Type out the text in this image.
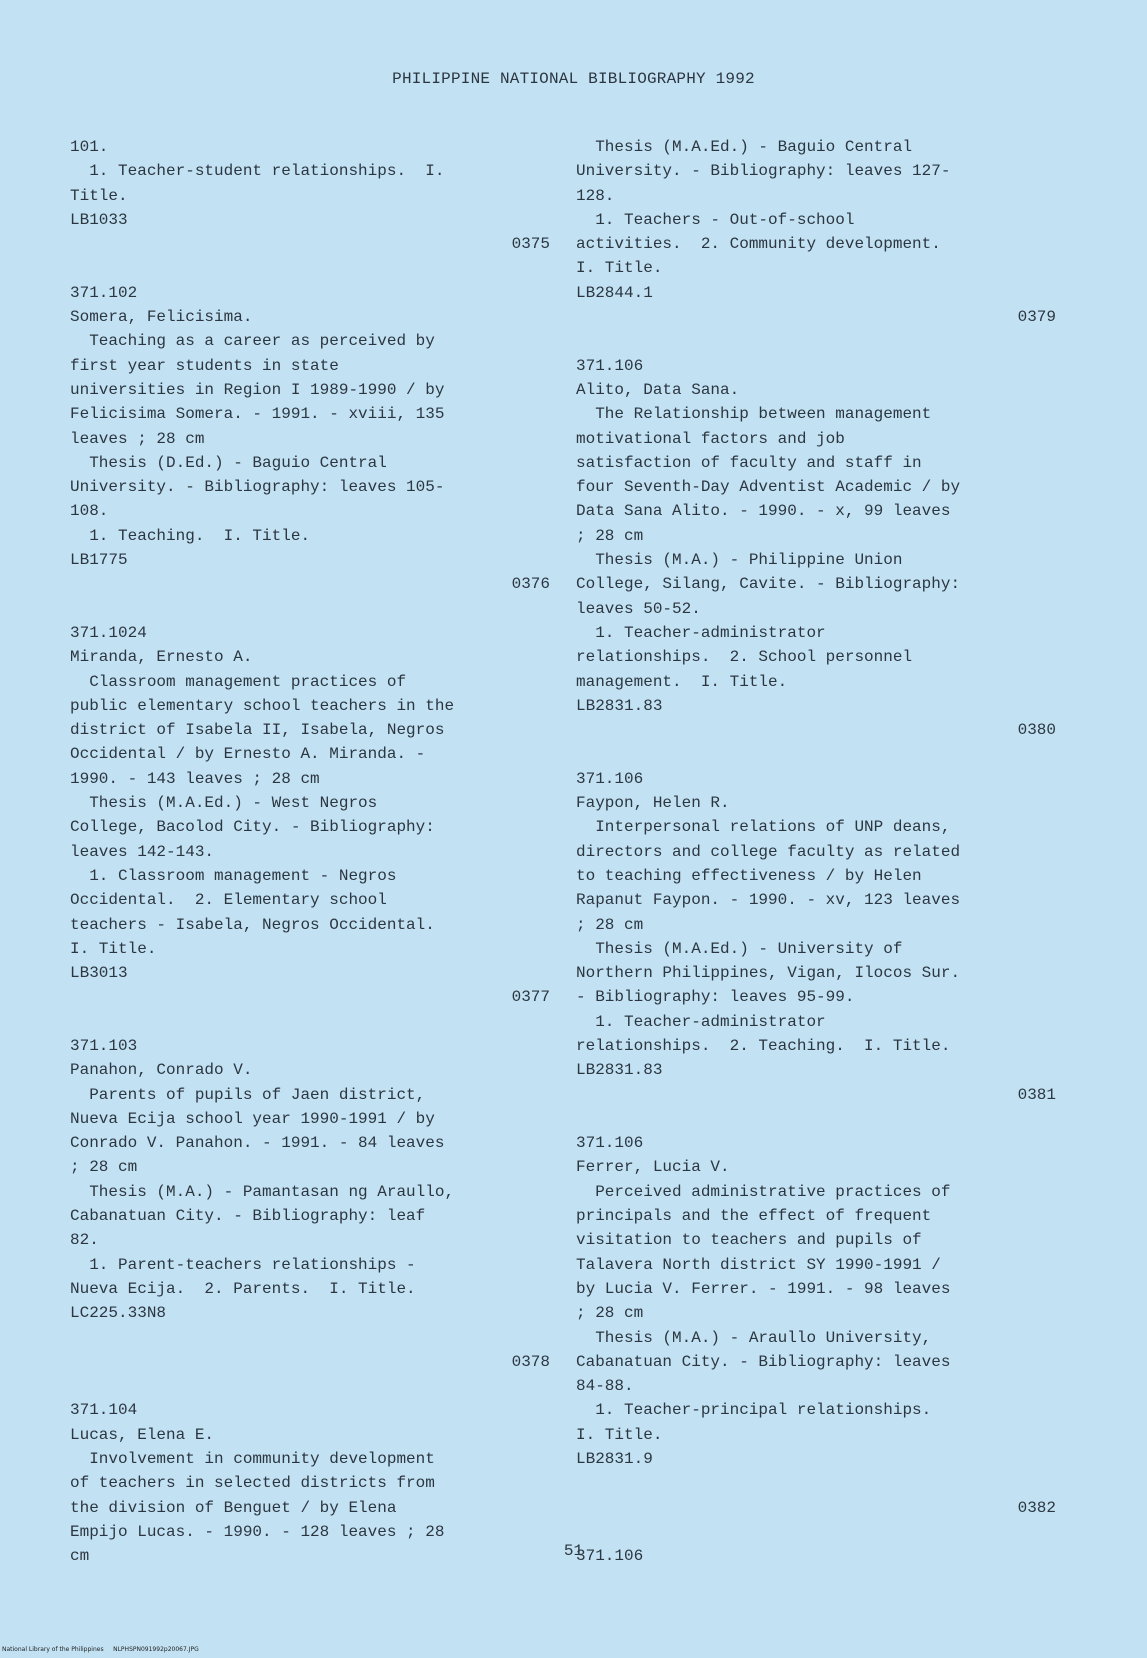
PHILIPPINE NATIONAL BIBLIOGRAPHY 1992
101.
1. Teacher-student relationships.  I.
Title.
LB1033
0375

371.102
Somera, Felicisima.
Teaching as a career as perceived by
first year students in state
universities in Region I 1989-1990 / by
Felicisima Somera. - 1991. - xviii, 135
leaves ; 28 cm
Thesis (D.Ed.) - Baguio Central
University. - Bibliography: leaves 105-
108.
1. Teaching.  I. Title.
LB1775
0376

371.1024
Miranda, Ernesto A.
Classroom management practices of
public elementary school teachers in the
district of Isabela II, Isabela, Negros
Occidental / by Ernesto A. Miranda. -
1990. - 143 leaves ; 28 cm
Thesis (M.A.Ed.) - West Negros
College, Bacolod City. - Bibliography:
leaves 142-143.
1. Classroom management - Negros
Occidental.  2. Elementary school
teachers - Isabela, Negros Occidental.
I. Title.
LB3013
0377

371.103
Panahon, Conrado V.
Parents of pupils of Jaen district,
Nueva Ecija school year 1990-1991 / by
Conrado V. Panahon. - 1991. - 84 leaves
; 28 cm
Thesis (M.A.) - Pamantasan ng Araullo,
Cabanatuan City. - Bibliography: leaf
82.
1. Parent-teachers relationships -
Nueva Ecija.  2. Parents.  I. Title.
LC225.33N8

0378

371.104
Lucas, Elena E.
Involvement in community development
of teachers in selected districts from
the division of Benguet / by Elena
Empijo Lucas. - 1990. - 128 leaves ; 28
cm
Thesis (M.A.Ed.) - Baguio Central
University. - Bibliography: leaves 127-
128.
1. Teachers - Out-of-school
activities.  2. Community development.
I. Title.
LB2844.1
0379

371.106
Alito, Data Sana.
The Relationship between management
motivational factors and job
satisfaction of faculty and staff in
four Seventh-Day Adventist Academic / by
Data Sana Alito. - 1990. - x, 99 leaves
; 28 cm
Thesis (M.A.) - Philippine Union
College, Silang, Cavite. - Bibliography:
leaves 50-52.
1. Teacher-administrator
relationships.  2. School personnel
management.  I. Title.
LB2831.83
0380

371.106
Faypon, Helen R.
Interpersonal relations of UNP deans,
directors and college faculty as related
to teaching effectiveness / by Helen
Rapanut Faypon. - 1990. - xv, 123 leaves
; 28 cm
Thesis (M.A.Ed.) - University of
Northern Philippines, Vigan, Ilocos Sur.
- Bibliography: leaves 95-99.
1. Teacher-administrator
relationships.  2. Teaching.  I. Title.
LB2831.83
0381

371.106
Ferrer, Lucia V.
Perceived administrative practices of
principals and the effect of frequent
visitation to teachers and pupils of
Talavera North district SY 1990-1991 /
by Lucia V. Ferrer. - 1991. - 98 leaves
; 28 cm
Thesis (M.A.) - Araullo University,
Cabanatuan City. - Bibliography: leaves
84-88.
1. Teacher-principal relationships.
I. Title.
LB2831.9

0382

371.106
51
National Library of the Philippines     NLPHSPN091992p20067.JPG
